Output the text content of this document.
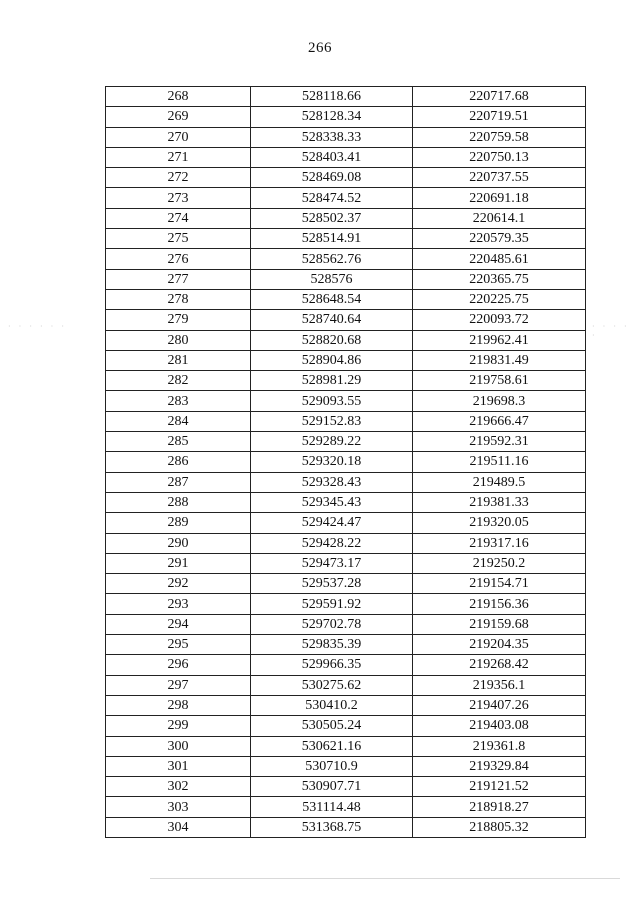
266
· · · · · ·	· · · · ·
268	528118.66	220717.68
269	528128.34	220719.51
270	528338.33	220759.58
271	528403.41	220750.13
272	528469.08	220737.55
273	528474.52	220691.18
274	528502.37	220614.1
275	528514.91	220579.35
276	528562.76	220485.61
277	528576	220365.75
278	528648.54	220225.75
279	528740.64	220093.72
280	528820.68	219962.41
281	528904.86	219831.49
282	528981.29	219758.61
283	529093.55	219698.3
284	529152.83	219666.47
285	529289.22	219592.31
286	529320.18	219511.16
287	529328.43	219489.5
288	529345.43	219381.33
289	529424.47	219320.05
290	529428.22	219317.16
291	529473.17	219250.2
292	529537.28	219154.71
293	529591.92	219156.36
294	529702.78	219159.68
295	529835.39	219204.35
296	529966.35	219268.42
297	530275.62	219356.1
298	530410.2	219407.26
299	530505.24	219403.08
300	530621.16	219361.8
301	530710.9	219329.84
302	530907.71	219121.52
303	531114.48	218918.27
304	531368.75	218805.32
